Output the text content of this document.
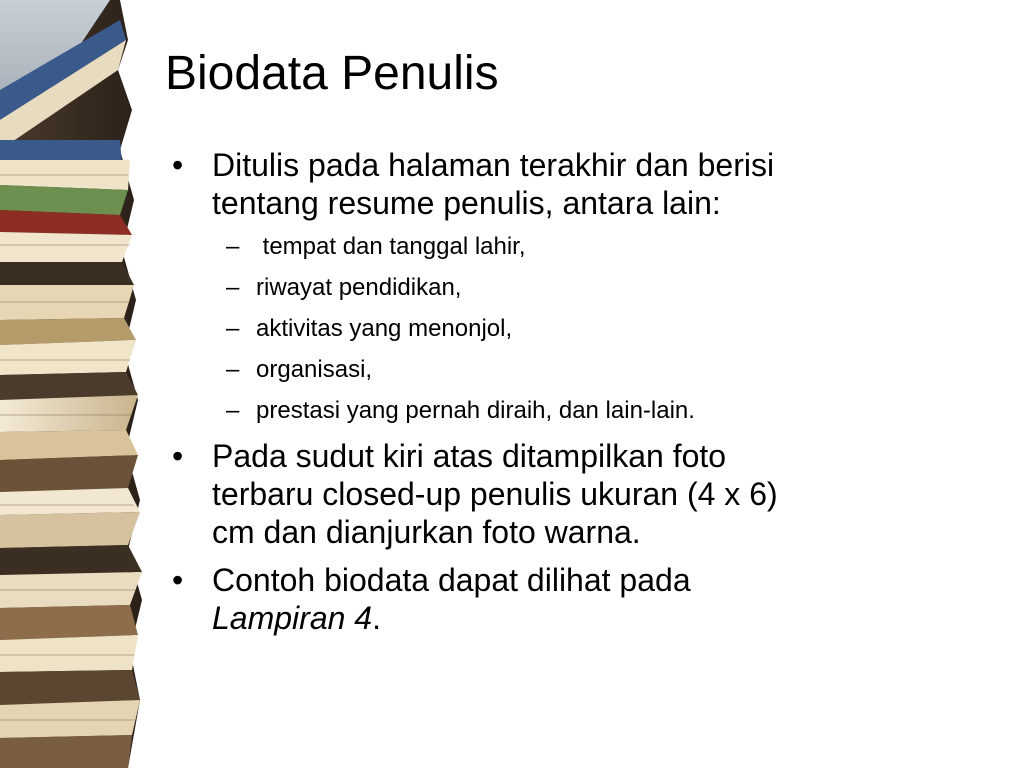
Biodata Penulis
• Ditulis pada halaman terakhir dan berisi
tentang resume penulis, antara lain:
– tempat dan tanggal lahir,
– riwayat pendidikan,
– aktivitas yang menonjol,
– organisasi,
– prestasi yang pernah diraih, dan lain-lain.
• Pada sudut kiri atas ditampilkan foto
terbaru closed-up penulis ukuran (4 x 6)
cm dan dianjurkan foto warna.
• Contoh biodata dapat dilihat pada
Lampiran 4.
